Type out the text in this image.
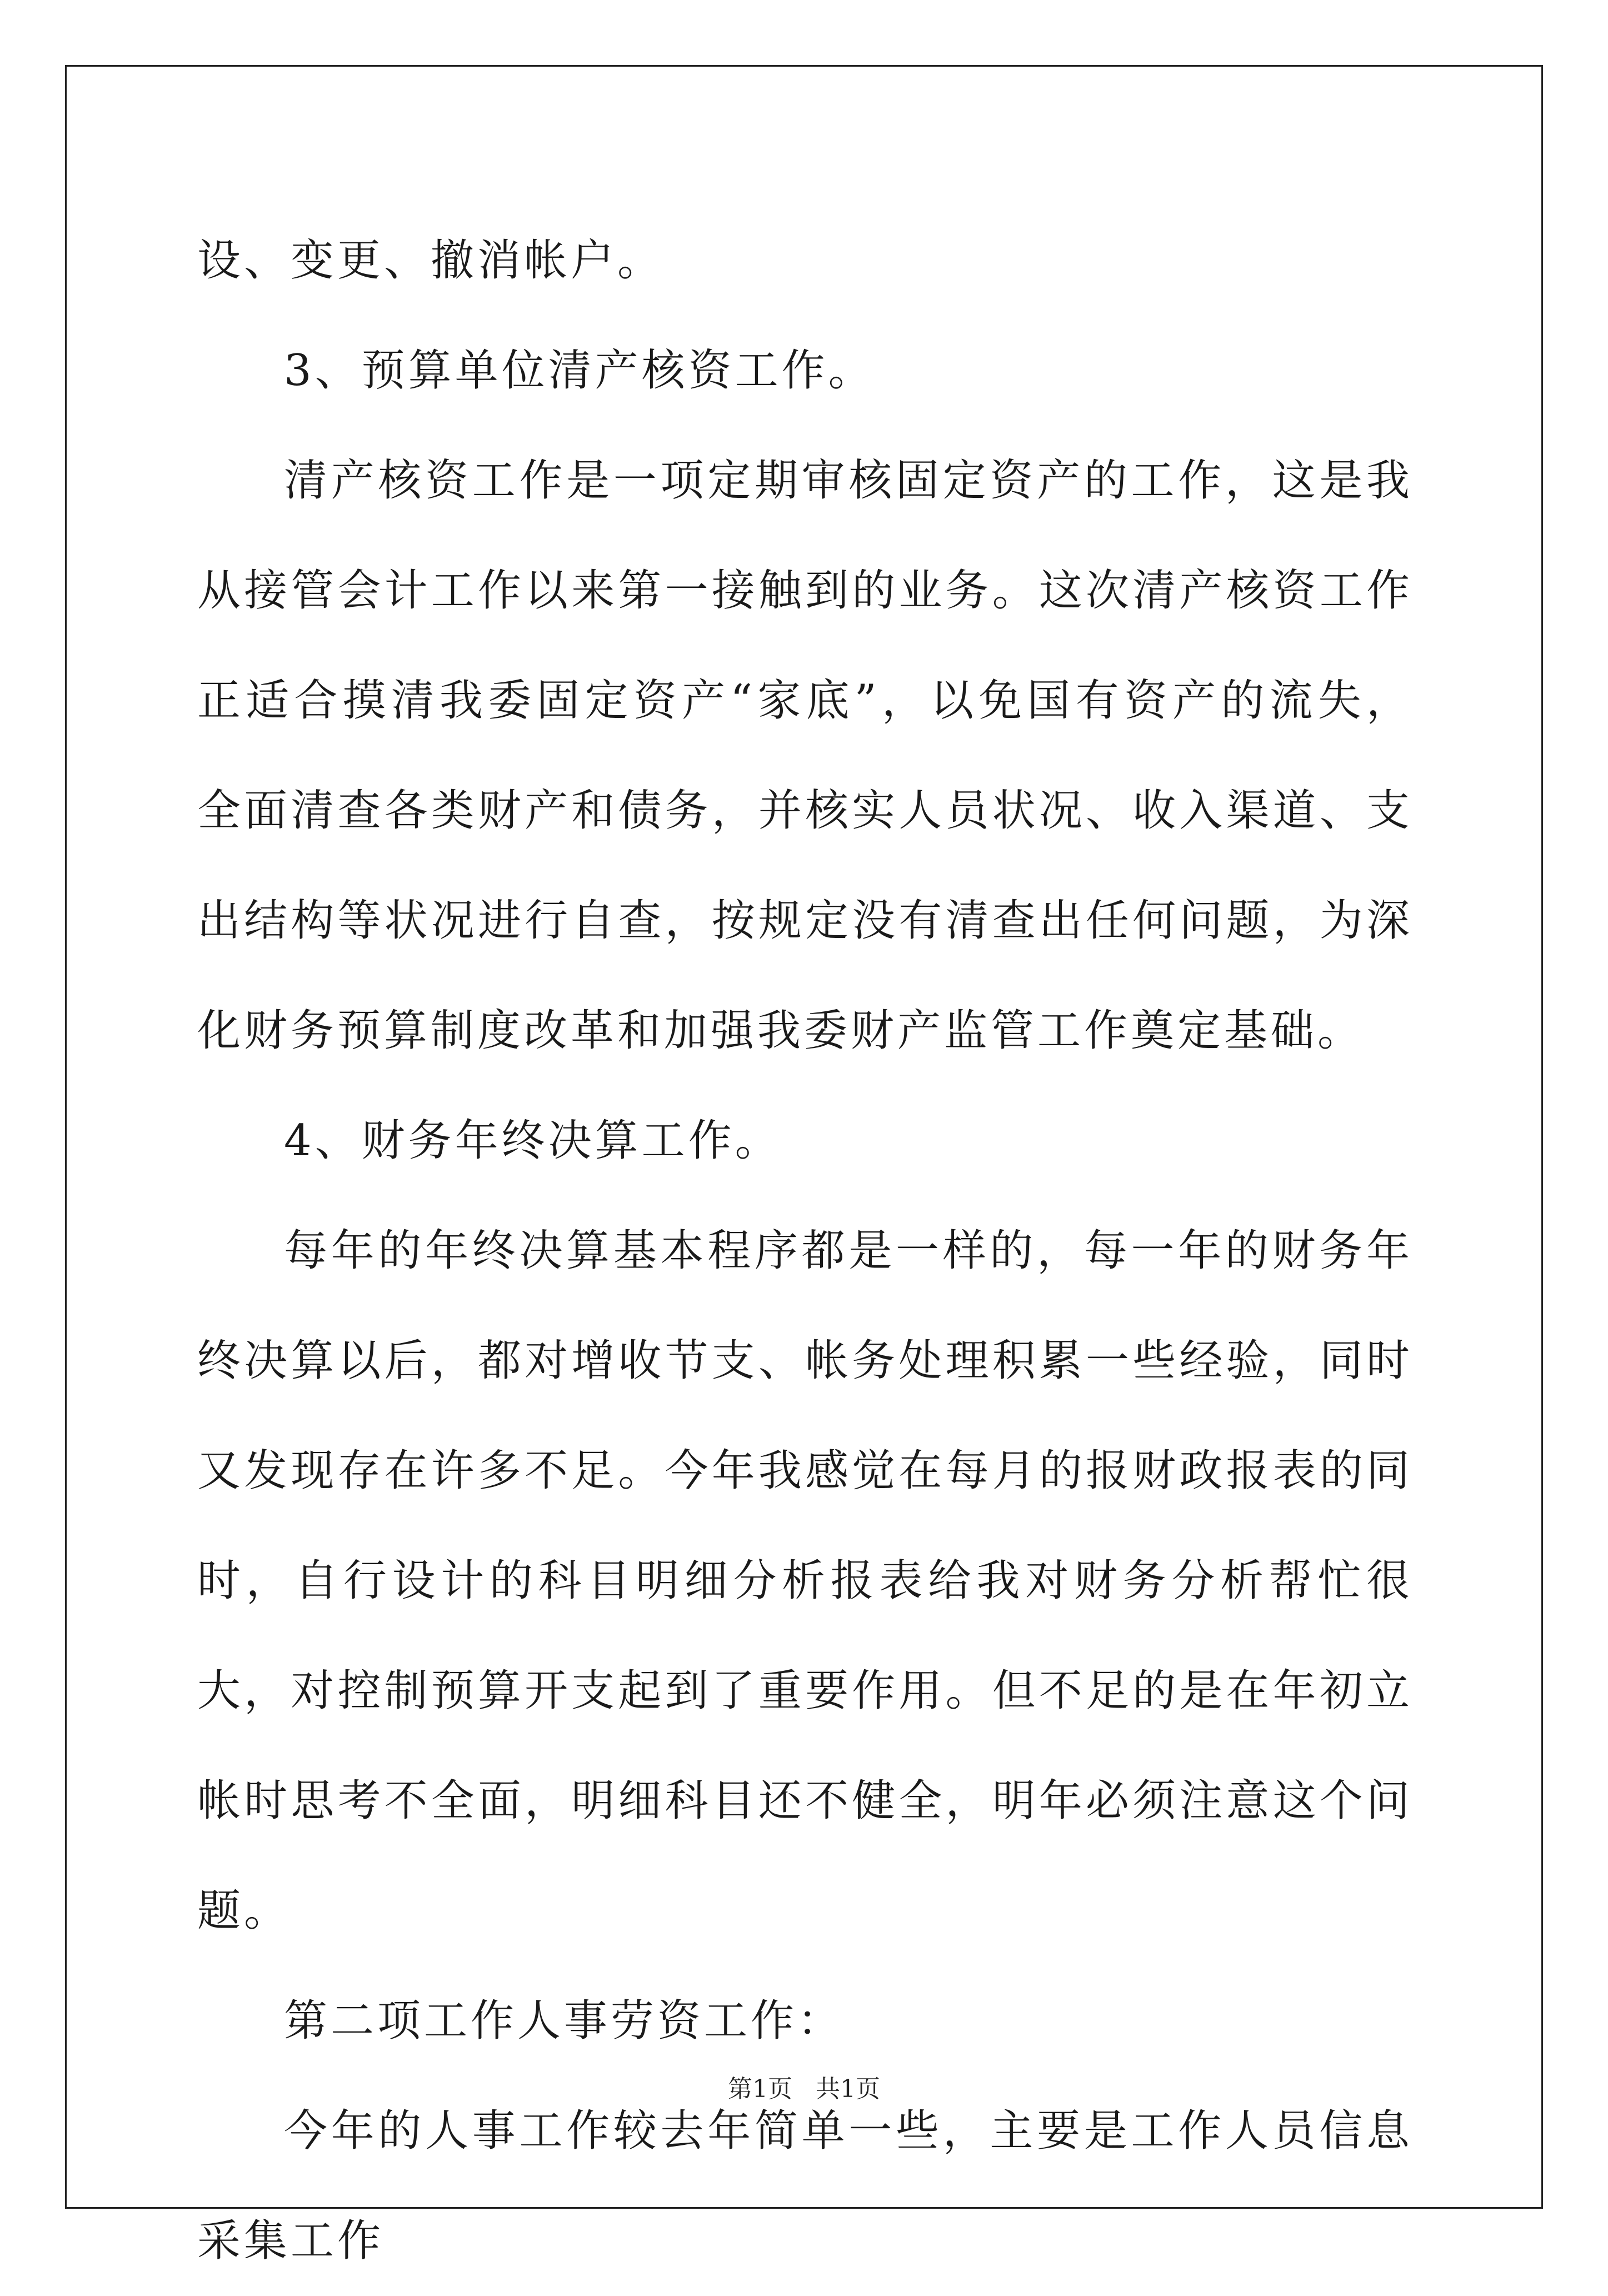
设、变更、撤消帐户。

3、预算单位清产核资工作。

清产核资工作是一项定期审核固定资产的工作，这是我从接管会计工作以来第一接触到的业务。这次清产核资工作正适合摸清我委固定资产“家底”，以免国有资产的流失，全面清查各类财产和债务，并核实人员状况、收入渠道、支出结构等状况进行自查，按规定没有清查出任何问题，为深化财务预算制度改革和加强我委财产监管工作奠定基础。

4、财务年终决算工作。

每年的年终决算基本程序都是一样的，每一年的财务年终决算以后，都对增收节支、帐务处理积累一些经验，同时又发现存在许多不足。今年我感觉在每月的报财政报表的同时，自行设计的科目明细分析报表给我对财务分析帮忙很大，对控制预算开支起到了重要作用。但不足的是在年初立帐时思考不全面，明细科目还不健全，明年必须注意这个问题。

第二项工作人事劳资工作：

今年的人事工作较去年简单一些，主要是工作人员信息采集工作

第1页 共1页
